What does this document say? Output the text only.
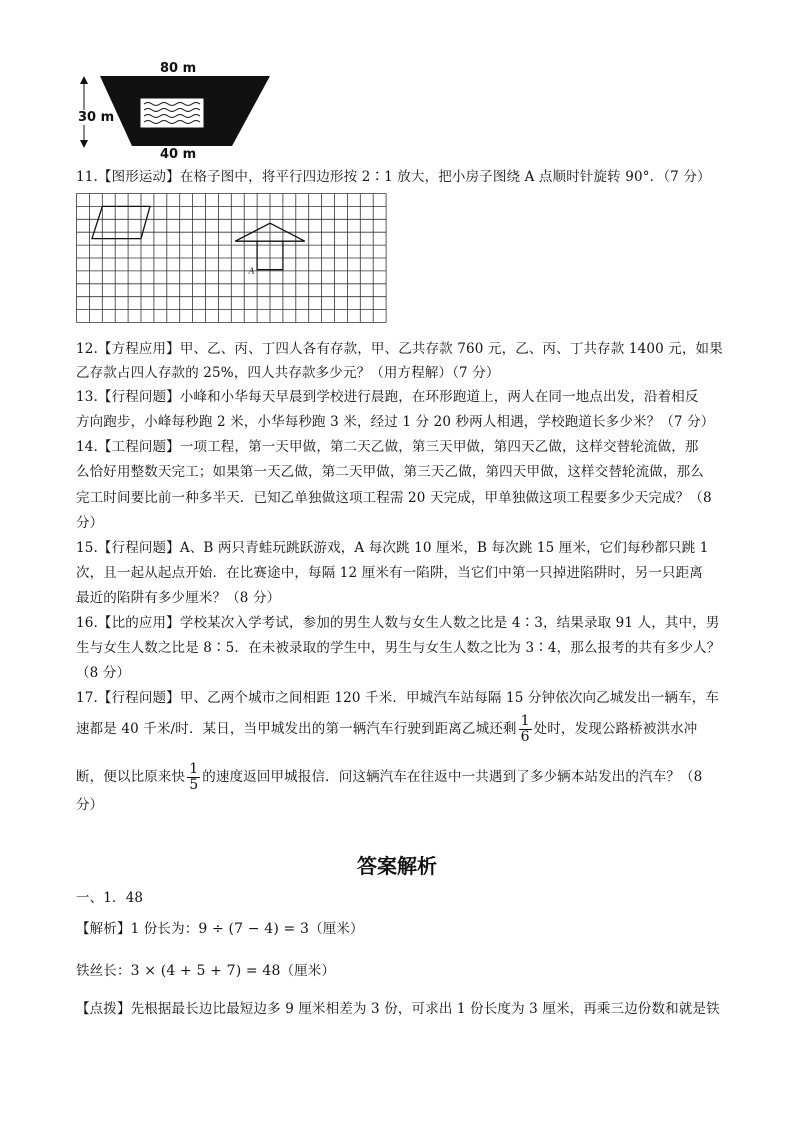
80 m
30 m
40 m
11.【图形运动】在格子图中，将平行四边形按 2∶1 放大，把小房子图绕 A 点顺时针旋转 90°．（7 分）
A
12.【方程应用】甲、乙、丙、丁四人各有存款，甲、乙共存款 760 元，乙、丙、丁共存款 1400 元，如果
乙存款占四人存款的 25%，四人共存款多少元？（用方程解）（7 分）
13.【行程问题】小峰和小华每天早晨到学校进行晨跑，在环形跑道上，两人在同一地点出发，沿着相反
方向跑步，小峰每秒跑 2 米，小华每秒跑 3 米，经过 1 分 20 秒两人相遇，学校跑道长多少米？（7 分）
14.【工程问题】一项工程，第一天甲做，第二天乙做，第三天甲做，第四天乙做，这样交替轮流做，那
么恰好用整数天完工；如果第一天乙做，第二天甲做，第三天乙做，第四天甲做，这样交替轮流做，那么
完工时间要比前一种多半天．已知乙单独做这项工程需 20 天完成，甲单独做这项工程要多少天完成？（8
分）
15.【行程问题】A、B 两只青蛙玩跳跃游戏，A 每次跳 10 厘米，B 每次跳 15 厘米，它们每秒都只跳 1
次，且一起从起点开始．在比赛途中，每隔 12 厘米有一陷阱，当它们中第一只掉进陷阱时，另一只距离
最近的陷阱有多少厘米？（8 分）
16.【比的应用】学校某次入学考试，参加的男生人数与女生人数之比是 4∶3，结果录取 91 人，其中，男
生与女生人数之比是 8∶5．在未被录取的学生中，男生与女生人数之比为 3∶4，那么报考的共有多少人？
（8 分）
17.【行程问题】甲、乙两个城市之间相距 120 千米．甲城汽车站每隔 15 分钟依次向乙城发出一辆车，车
速都是 40 千米/时．某日，当甲城发出的第一辆汽车行驶到距离乙城还剩 $\frac{1}{6}$ 处时，发现公路桥被洪水冲
断，便以比原来快 $\frac{1}{5}$ 的速度返回甲城报信．问这辆汽车在往返中一共遇到了多少辆本站发出的汽车？（8
分）
答案解析
一、1．48
【解析】1 份长为：9 ÷ (7 − 4) = 3（厘米）
铁丝长：3 × (4 + 5 + 7) = 48（厘米）
【点拨】先根据最长边比最短边多 9 厘米相差为 3 份，可求出 1 份长度为 3 厘米，再乘三边份数和就是铁
